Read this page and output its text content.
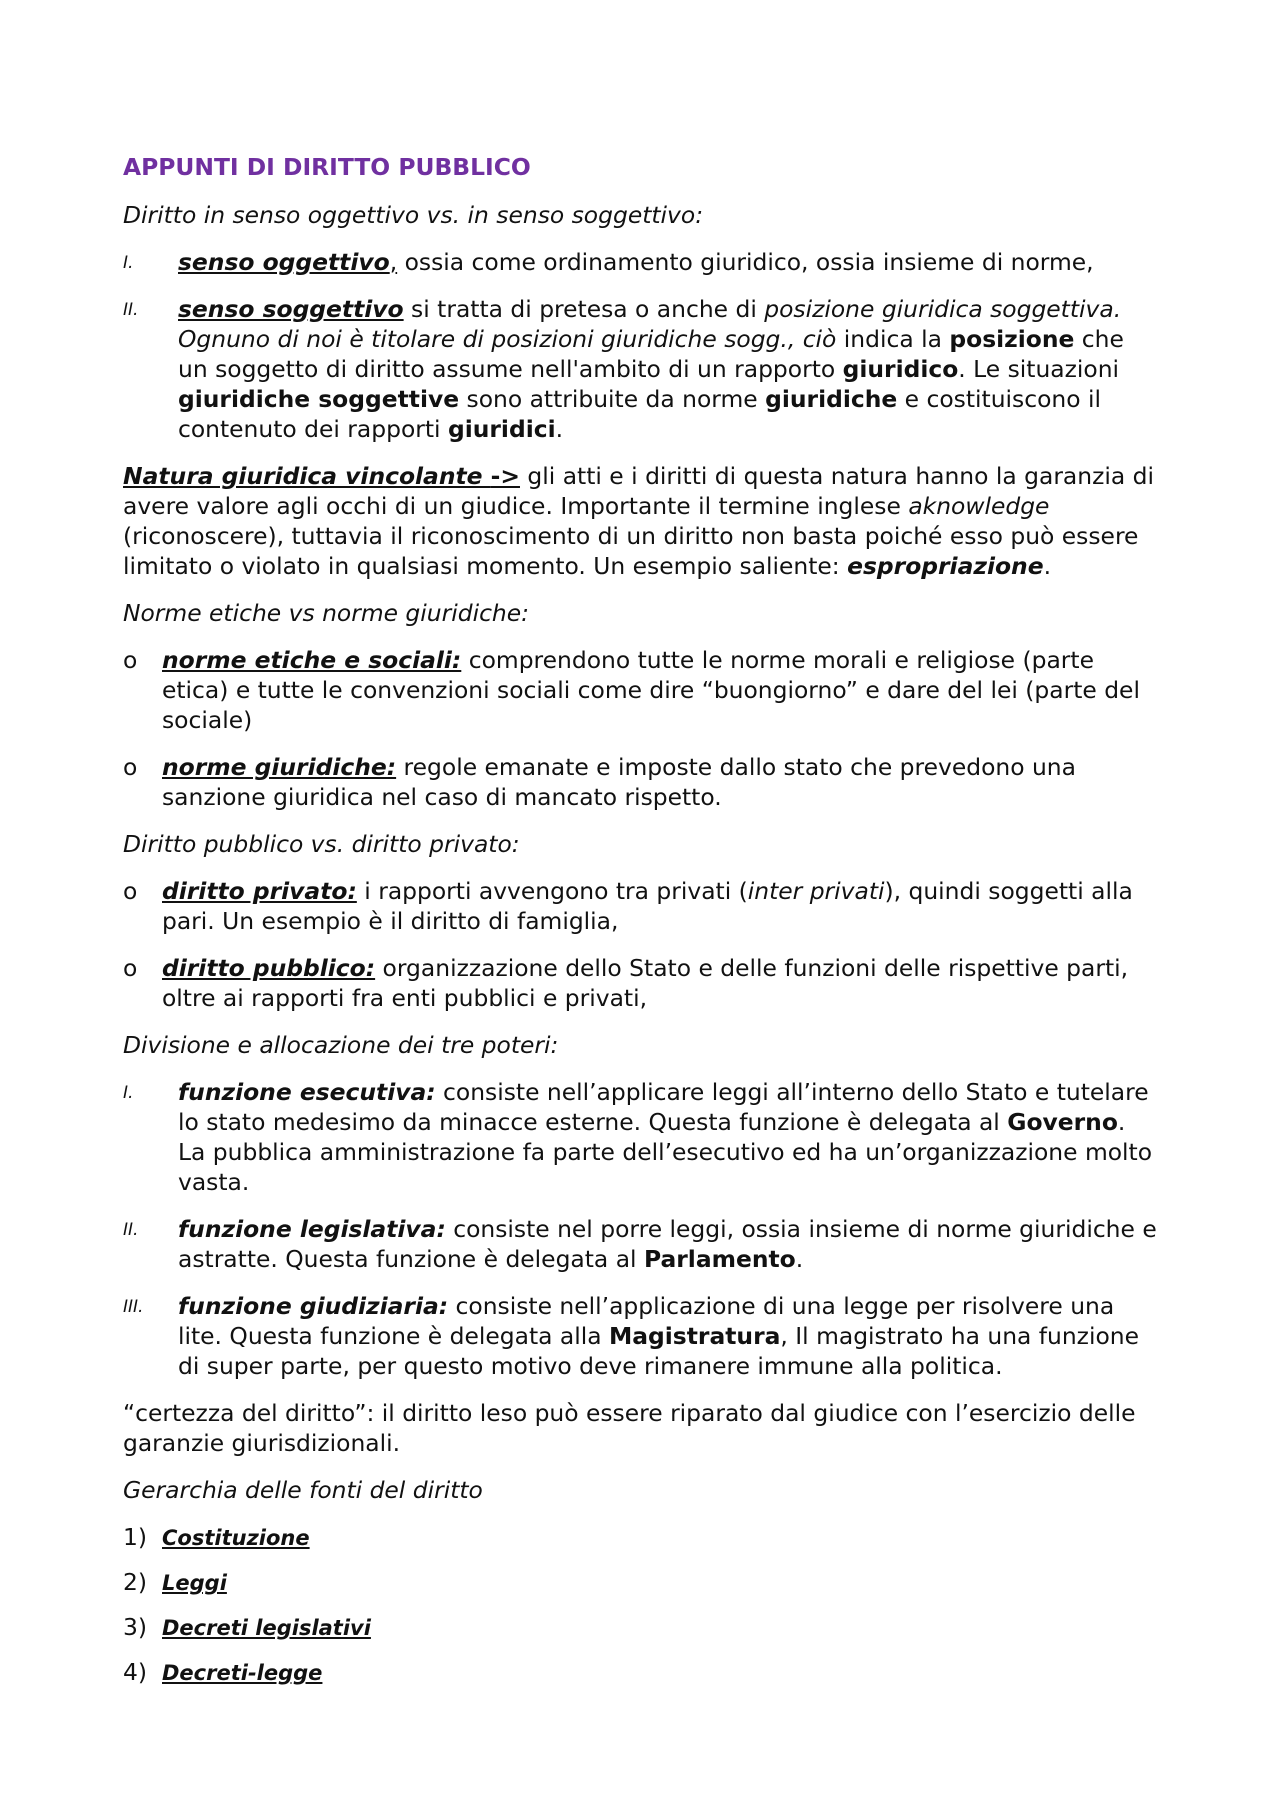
APPUNTI DI DIRITTO PUBBLICO
Diritto in senso oggettivo vs. in senso soggettivo:
I.	senso oggettivo, ossia come ordinamento giuridico, ossia insieme di norme,
II.	senso soggettivo si tratta di pretesa o anche di posizione giuridica soggettiva. Ognuno di noi è titolare di posizioni giuridiche sogg., ciò indica la posizione che un soggetto di diritto assume nell'ambito di un rapporto giuridico. Le situazioni giuridiche soggettive sono attribuite da norme giuridiche e costituiscono il contenuto dei rapporti giuridici.
Natura giuridica vincolante -> gli atti e i diritti di questa natura hanno la garanzia di avere valore agli occhi di un giudice. Importante il termine inglese aknowledge (riconoscere), tuttavia il riconoscimento di un diritto non basta poiché esso può essere limitato o violato in qualsiasi momento. Un esempio saliente: espropriazione.
Norme etiche vs norme giuridiche:
o norme etiche e sociali: comprendono tutte le norme morali e religiose (parte etica) e tutte le convenzioni sociali come dire “buongiorno” e dare del lei (parte del sociale)
o norme giuridiche: regole emanate e imposte dallo stato che prevedono una sanzione giuridica nel caso di mancato rispetto.
Diritto pubblico vs. diritto privato:
o diritto privato: i rapporti avvengono tra privati (inter privati), quindi soggetti alla pari. Un esempio è il diritto di famiglia,
o diritto pubblico: organizzazione dello Stato e delle funzioni delle rispettive parti, oltre ai rapporti fra enti pubblici e privati,
Divisione e allocazione dei tre poteri:
I.	funzione esecutiva: consiste nell’applicare leggi all’interno dello Stato e tutelare lo stato medesimo da minacce esterne. Questa funzione è delegata al Governo. La pubblica amministrazione fa parte dell’esecutivo ed ha un’organizzazione molto vasta.
II.	funzione legislativa: consiste nel porre leggi, ossia insieme di norme giuridiche e astratte. Questa funzione è delegata al Parlamento.
III.	funzione giudiziaria: consiste nell’applicazione di una legge per risolvere una lite. Questa funzione è delegata alla Magistratura, Il magistrato ha una funzione di super parte, per questo motivo deve rimanere immune alla politica.
“certezza del diritto”: il diritto leso può essere riparato dal giudice con l’esercizio delle garanzie giurisdizionali.
Gerarchia delle fonti del diritto
1) Costituzione
2) Leggi
3) Decreti legislativi
4) Decreti-legge
